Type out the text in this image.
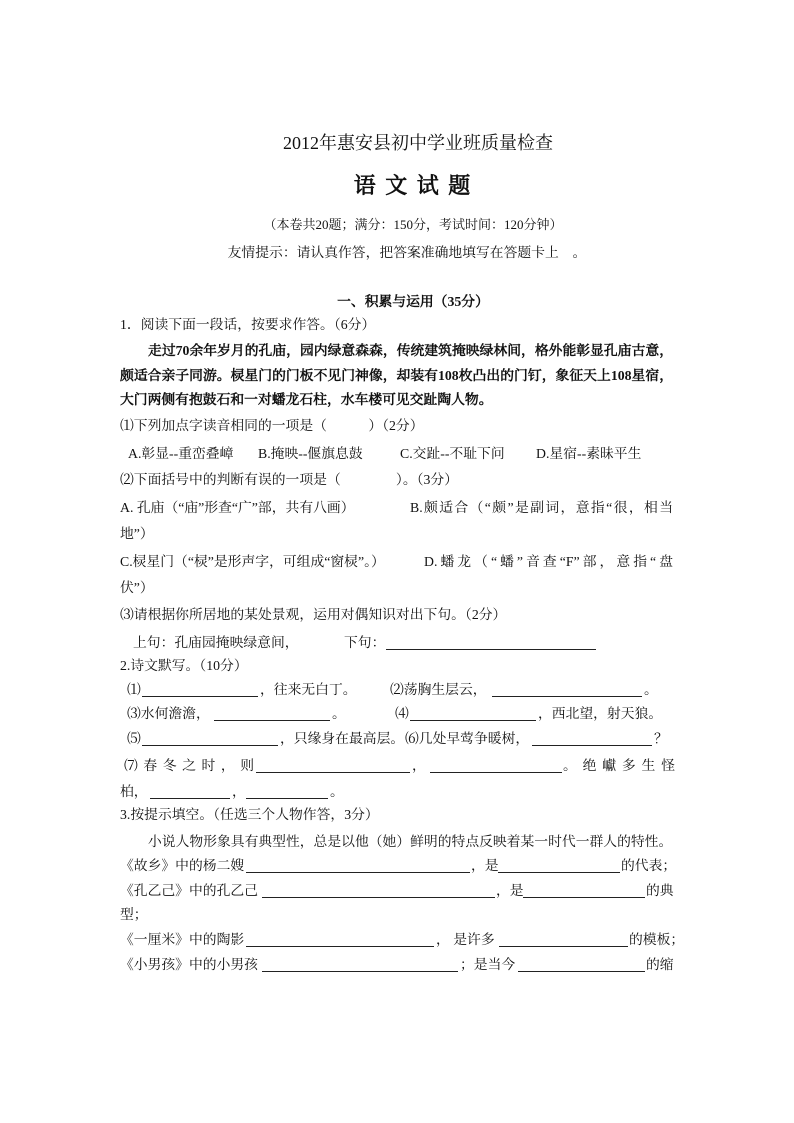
2012年惠安县初中学业班质量检查
语 文 试 题
（本卷共20题；满分：150分，考试时间：120分钟）
友情提示：请认真作答，把答案准确地填写在答题卡上　。
一、积累与运用（35分）
1．阅读下面一段话，按要求作答。（6分）
走过70余年岁月的孔庙，园内绿意森森，传统建筑掩映绿林间，格外能彰显孔庙古意，
颇适合亲子同游。棂星门的门板不见门神像，却装有108枚凸出的门钉，象征天上108星宿，
大门两侧有抱鼓石和一对蟠龙石柱，水车楼可见交趾陶人物。
⑴下列加点字读音相同的一项是（　　　）（2分）
A.彰显--重峦叠嶂 B.掩映--偃旗息鼓	C.交趾--不耻下问 D.星宿--素昧平生
⑵下面括号中的判断有误的一项是（　　　　）。（3分）
A. 孔庙（“庙”形查“广”部，共有八画）	B.颇适合（“颇”是副词，意指“很，相当
地”）
C.棂星门（“棂”是形声字，可组成“窗棂”。）	D.蟠龙（“蟠”音查“F”部，意指“盘
伏”）
⑶请根据你所居地的某处景观，运用对偶知识对出下句。（2分）
上句：孔庙园掩映绿意间，	下句：
2.诗文默写。（10分）
⑴	，往来无白丁。 ⑵荡胸生层云，	。
⑶水何澹澹，	。	⑷	，西北望，射天狼。
⑸	，只缘身在最高层。 ⑹几处早莺争暖树，	？
⑺春冬之时，则	，	。绝巘多生怪
柏，	，	。
3.按提示填空。（任选三个人物作答，3分）
小说人物形象具有典型性，总是以他（她）鲜明的特点反映着某一时代一群人的特性。
《故乡》中的杨二嫂	，是	的代表；
《孔乙己》中的孔乙己	，是	的典
型；
《一厘米》中的陶影	， 是许多	的模板；
《小男孩》中的小男孩	；是当今	的缩
